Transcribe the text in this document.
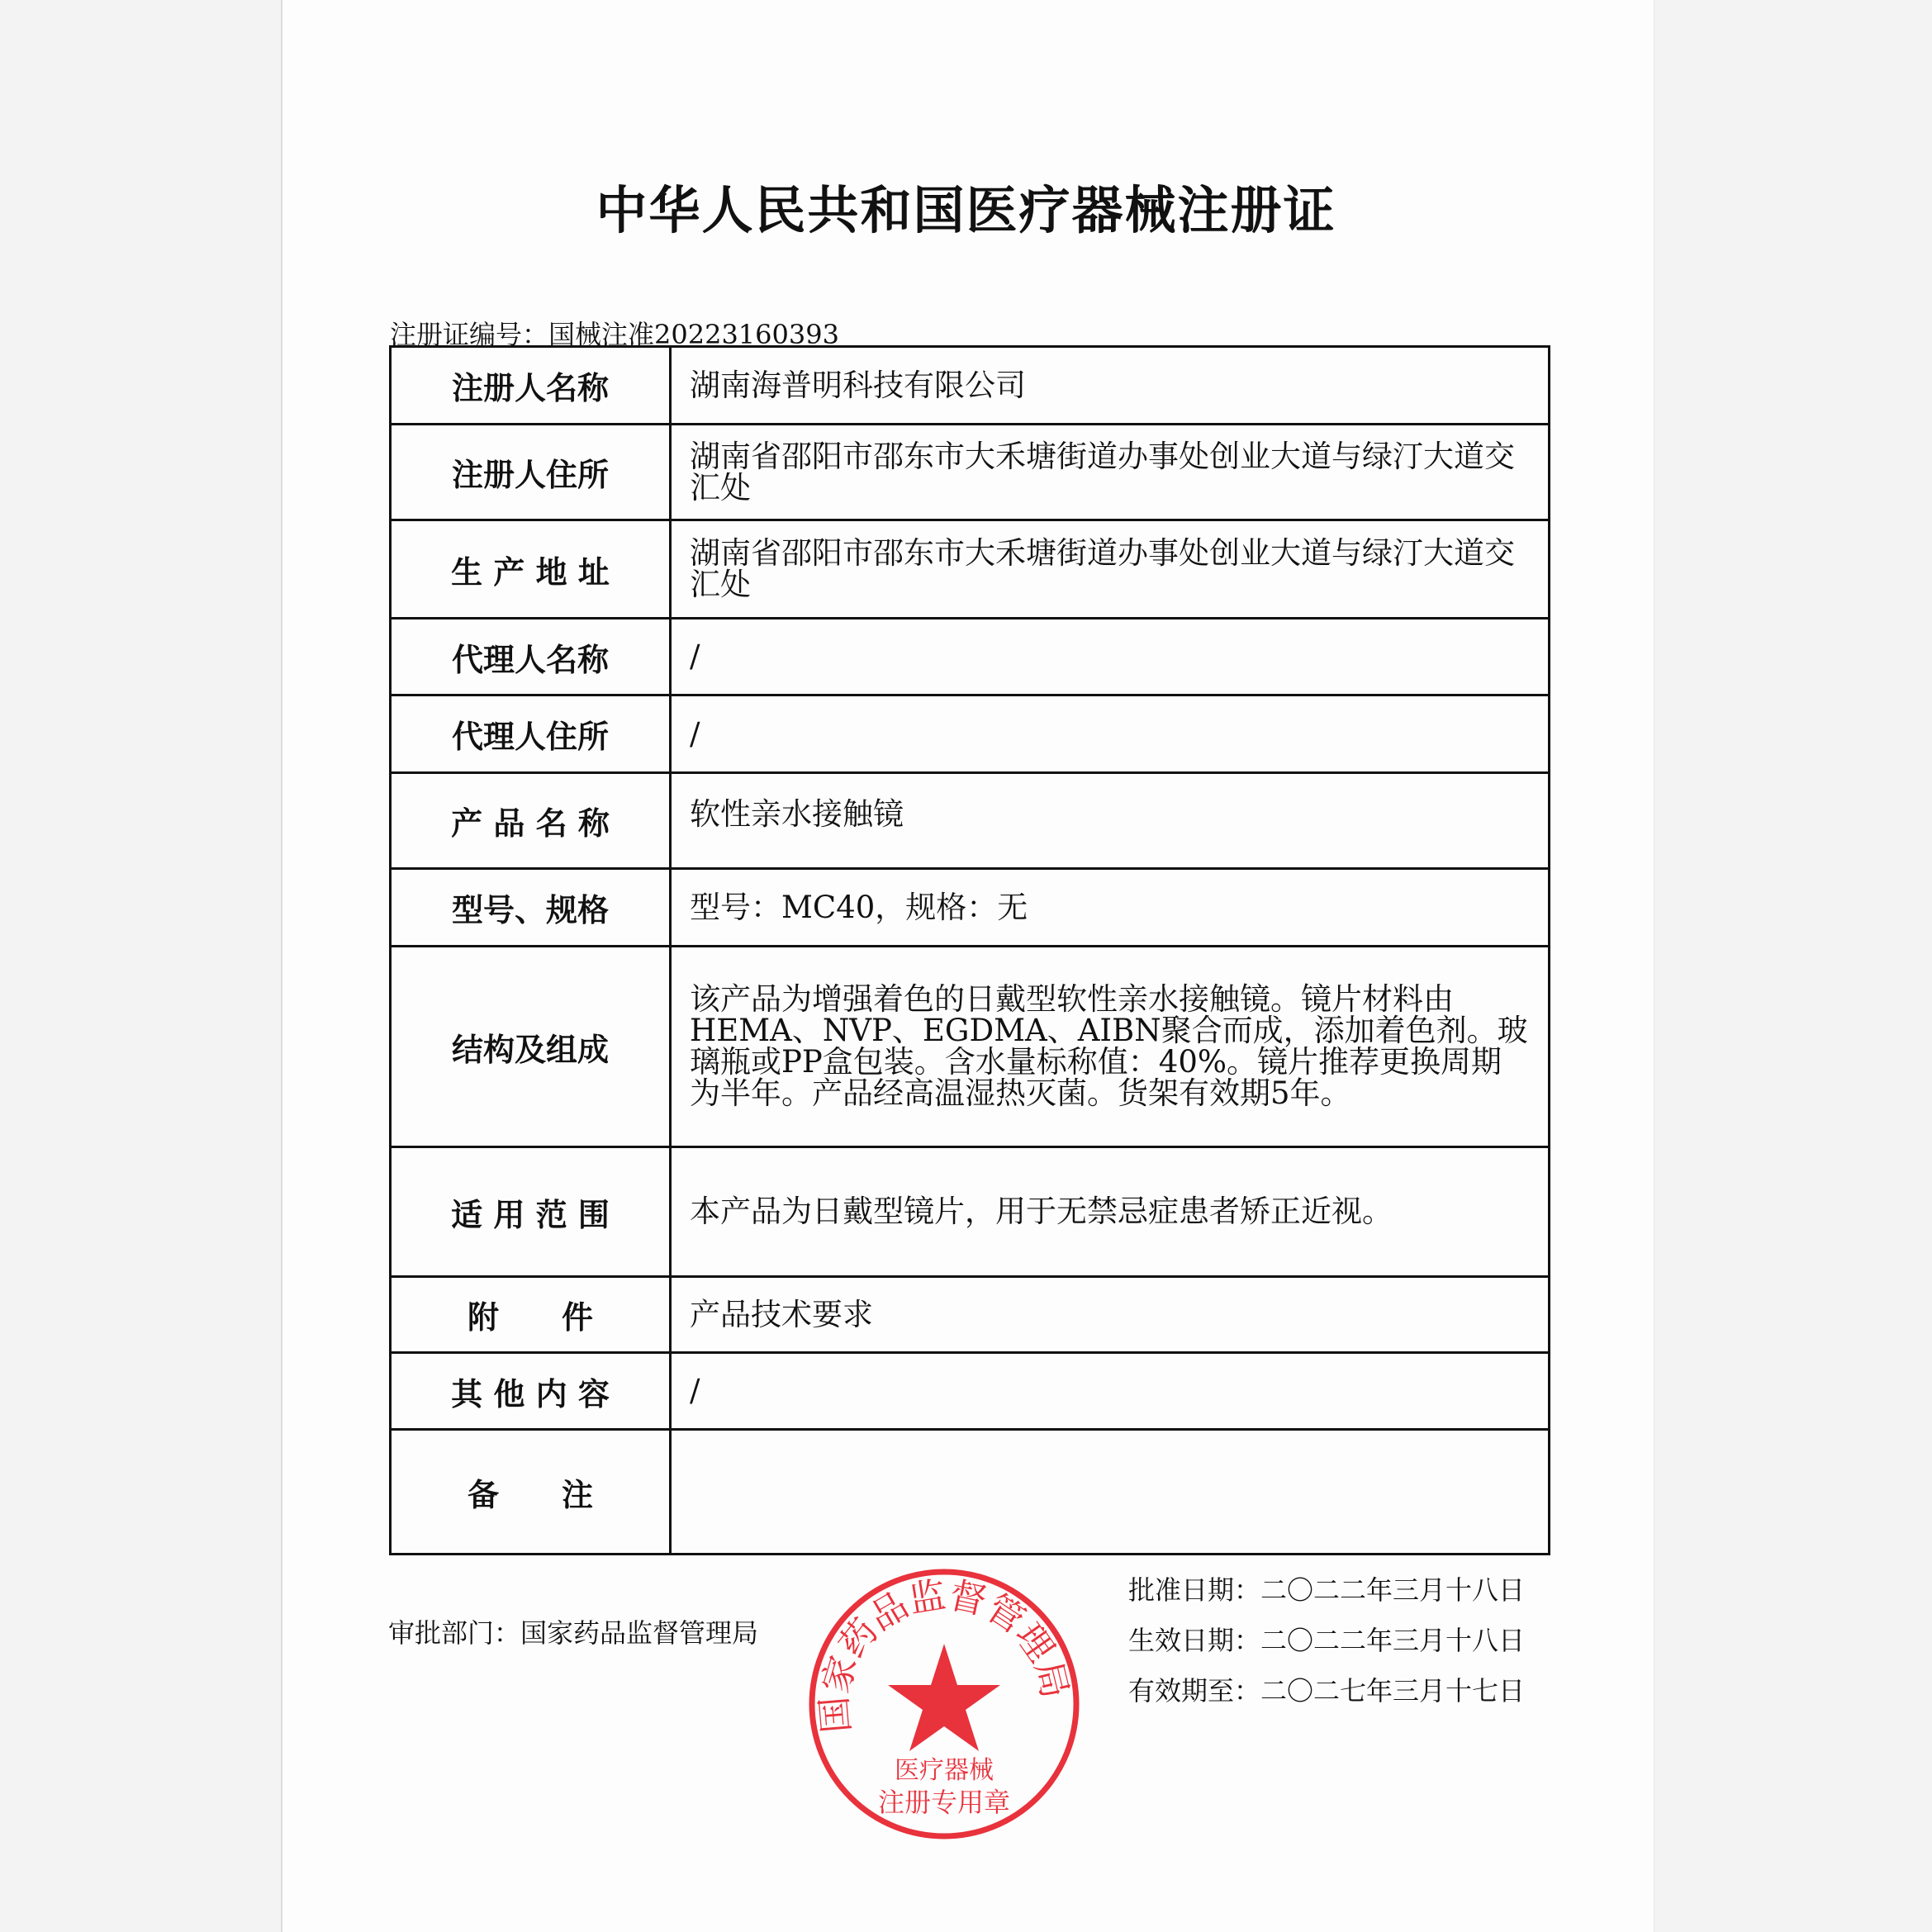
中华人民共和国医疗器械注册证
注册证编号：国械注准20223160393
注册人名称	湖南海普明科技有限公司
注册人住所	湖南省邵阳市邵东市大禾塘街道办事处创业大道与绿汀大道交汇处
生 产 地 址	湖南省邵阳市邵东市大禾塘街道办事处创业大道与绿汀大道交汇处
代理人名称	/
代理人住所	/
产 品 名 称	软性亲水接触镜
型号、规格	型号：MC40，规格：无
结构及组成	该产品为增强着色的日戴型软性亲水接触镜。镜片材料由HEMA、NVP、EGDMA、AIBN聚合而成，添加着色剂。玻璃瓶或PP盒包装。含水量标称值：40%。镜片推荐更换周期为半年。产品经高温湿热灭菌。货架有效期5年。
适 用 范 围	本产品为日戴型镜片，用于无禁忌症患者矫正近视。
附　　件	产品技术要求
其 他 内 容	/
备　　注	
国家药品监督管理局
医疗器械
注册专用章
审批部门：国家药品监督管理局
批准日期：二〇二二年三月十八日
生效日期：二〇二二年三月十八日
有效期至：二〇二七年三月十七日
